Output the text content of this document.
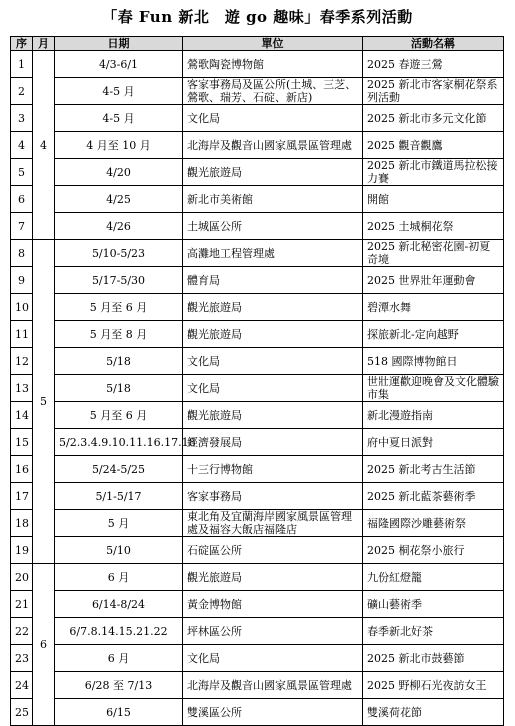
「春 Fun 新北　遊 go 趣味」春季系列活動
序	月	日期	單位	活動名稱
1	4	4/3-6/1	鶯歌陶瓷博物館	2025 春遊三鶯
2		4-5 月	客家事務局及區公所(土城、三芝、鶯歌、瑞芳、石碇、新店)	2025 新北市客家桐花祭系列活動
3		4-5 月	文化局	2025 新北市多元文化節
4		4 月至 10 月	北海岸及觀音山國家風景區管理處	2025 觀音觀鷹
5		4/20	觀光旅遊局	2025 新北市鐵道馬拉松接力賽
6		4/25	新北市美術館	開館
7		4/26	土城區公所	2025 土城桐花祭
8	5	5/10-5/23	高灘地工程管理處	2025 新北秘密花園-初夏奇境
9		5/17-5/30	體育局	2025 世界壯年運動會
10		5 月至 6 月	觀光旅遊局	碧潭水舞
11		5 月至 8 月	觀光旅遊局	探旅新北-定向越野
12		5/18	文化局	518 國際博物館日
13		5/18	文化局	世壯運歡迎晚會及文化體驗市集
14		5 月至 6 月	觀光旅遊局	新北漫遊指南
15		5/2.3.4.9.10.11.16.17.18	經濟發展局	府中夏日派對
16		5/24-5/25	十三行博物館	2025 新北考古生活節
17		5/1-5/17	客家事務局	2025 新北藍茶藝術季
18		5 月	東北角及宜蘭海岸國家風景區管理處及福容大飯店福隆店	福隆國際沙雕藝術祭
19		5/10	石碇區公所	2025 桐花祭小旅行
20	6	6 月	觀光旅遊局	九份紅燈籠
21		6/14-8/24	黃金博物館	礦山藝術季
22		6/7.8.14.15.21.22	坪林區公所	春季新北好茶
23		6 月	文化局	2025 新北市鼓藝節
24		6/28 至 7/13	北海岸及觀音山國家風景區管理處	2025 野柳石光夜訪女王
25		6/15	雙溪區公所	雙溪荷花節
